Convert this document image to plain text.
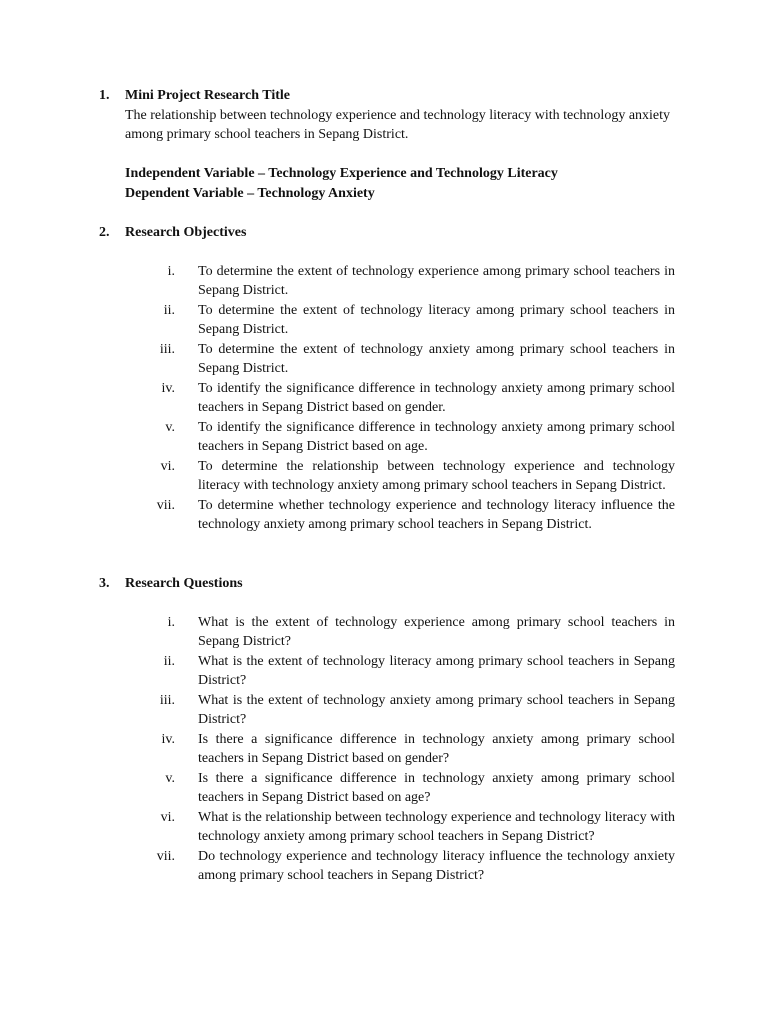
1. Mini Project Research Title

The relationship between technology experience and technology literacy with technology anxiety among primary school teachers in Sepang District.

Independent Variable – Technology Experience and Technology Literacy
Dependent Variable – Technology Anxiety
2. Research Objectives
i. To determine the extent of technology experience among primary school teachers in Sepang District.
ii. To determine the extent of technology literacy among primary school teachers in Sepang District.
iii. To determine the extent of technology anxiety among primary school teachers in Sepang District.
iv. To identify the significance difference in technology anxiety among primary school teachers in Sepang District based on gender.
v. To identify the significance difference in technology anxiety among primary school teachers in Sepang District based on age.
vi. To determine the relationship between technology experience and technology literacy with technology anxiety among primary school teachers in Sepang District.
vii. To determine whether technology experience and technology literacy influence the technology anxiety among primary school teachers in Sepang District.
3. Research Questions
i. What is the extent of technology experience among primary school teachers in Sepang District?
ii. What is the extent of technology literacy among primary school teachers in Sepang District?
iii. What is the extent of technology anxiety among primary school teachers in Sepang District?
iv. Is there a significance difference in technology anxiety among primary school teachers in Sepang District based on gender?
v. Is there a significance difference in technology anxiety among primary school teachers in Sepang District based on age?
vi. What is the relationship between technology experience and technology literacy with technology anxiety among primary school teachers in Sepang District?
vii. Do technology experience and technology literacy influence the technology anxiety among primary school teachers in Sepang District?
